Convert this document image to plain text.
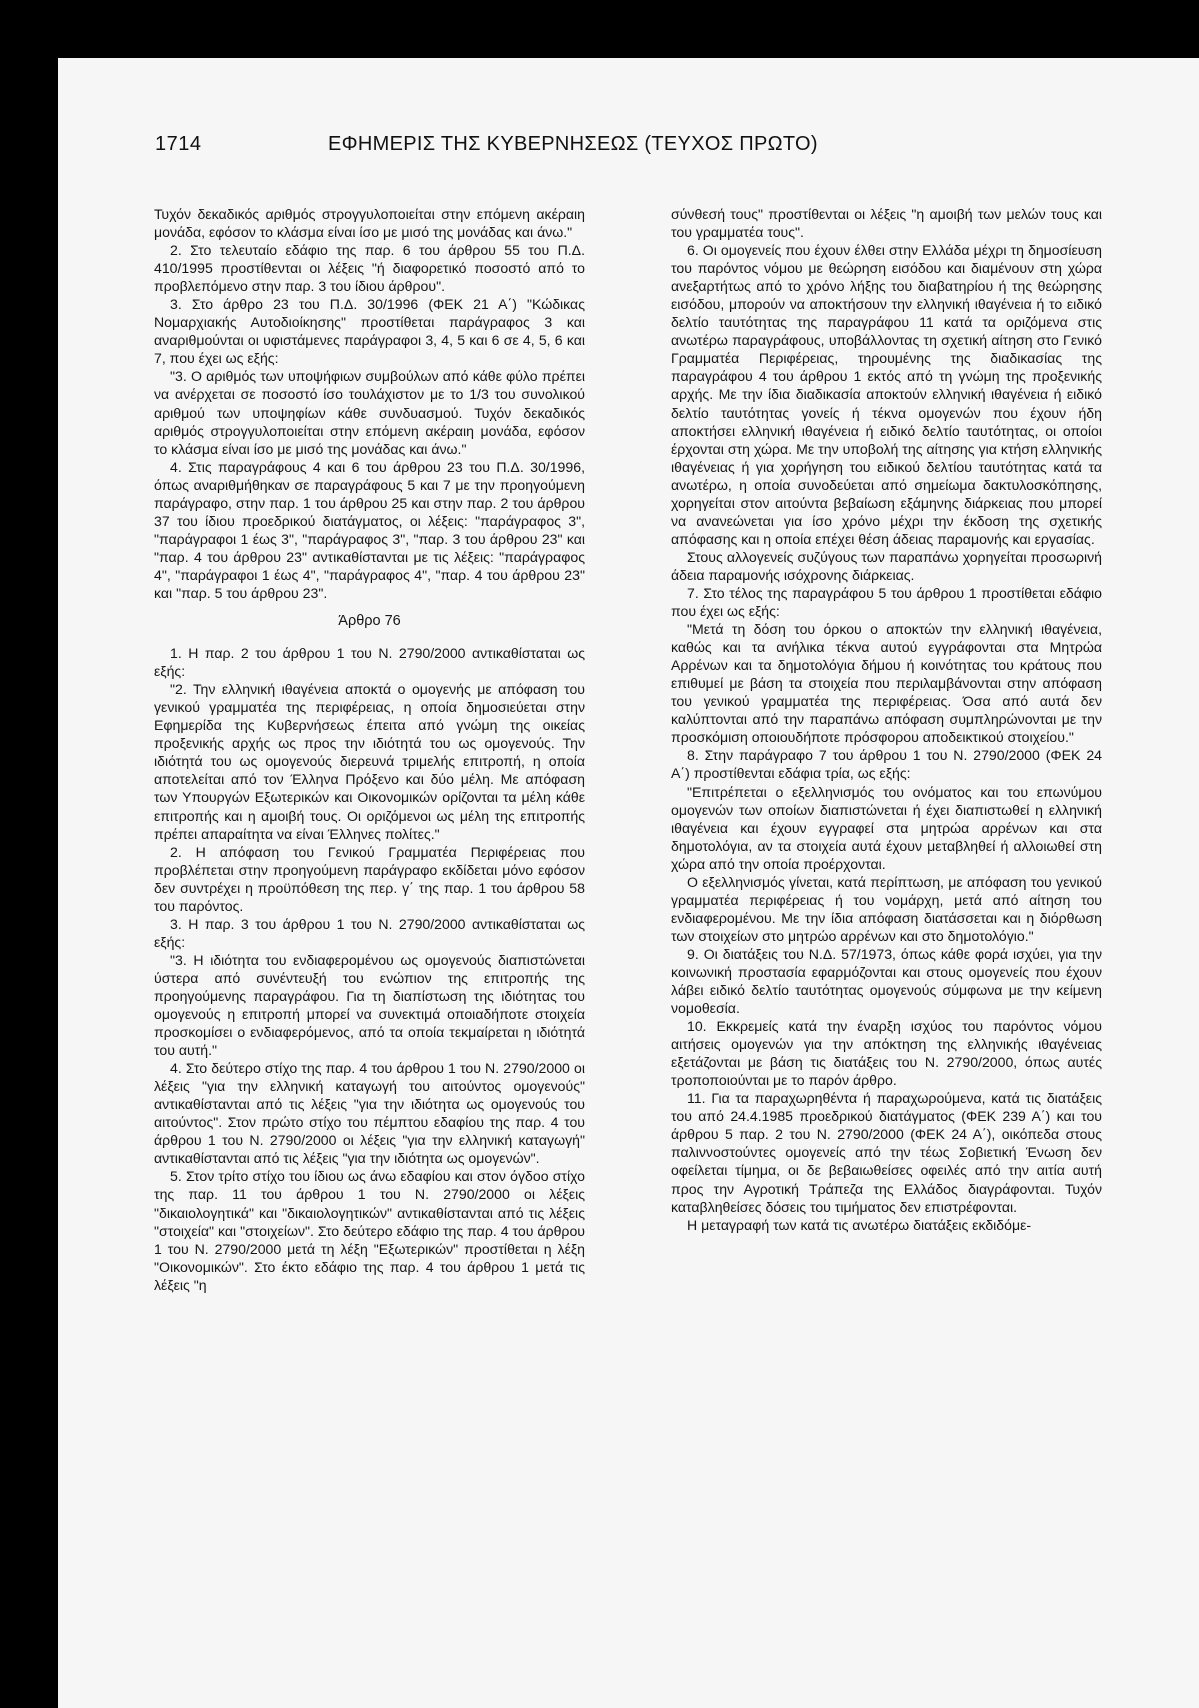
1714	ΕΦΗΜΕΡΙΣ ΤΗΣ ΚΥΒΕΡΝΗΣΕΩΣ (ΤΕΥΧΟΣ ΠΡΩΤΟ)

Τυχόν δεκαδικός αριθμός στρογγυλοποιείται στην επόμενη ακέραιη μονάδα, εφόσον το κλάσμα είναι ίσο με μισό της μονάδας και άνω."

2. Στο τελευταίο εδάφιο της παρ. 6 του άρθρου 55 του Π.Δ. 410/1995 προστίθενται οι λέξεις "ή διαφορετικό ποσοστό από το προβλεπόμενο στην παρ. 3 του ίδιου άρθρου".

3. Στο άρθρο 23 του Π.Δ. 30/1996 (ΦΕΚ 21 Α΄) "Κώδικας Νομαρχιακής Αυτοδιοίκησης" προστίθεται παράγραφος 3 και αναριθμούνται οι υφιστάμενες παράγραφοι 3, 4, 5 και 6 σε 4, 5, 6 και 7, που έχει ως εξής:

"3. Ο αριθμός των υποψήφιων συμβούλων από κάθε φύλο πρέπει να ανέρχεται σε ποσοστό ίσο τουλάχιστον με το 1/3 του συνολικού αριθμού των υποψηφίων κάθε συνδυασμού. Τυχόν δεκαδικός αριθμός στρογγυλοποιείται στην επόμενη ακέραιη μονάδα, εφόσον το κλάσμα είναι ίσο με μισό της μονάδας και άνω."

4. Στις παραγράφους 4 και 6 του άρθρου 23 του Π.Δ. 30/1996, όπως αναριθμήθηκαν σε παραγράφους 5 και 7 με την προηγούμενη παράγραφο, στην παρ. 1 του άρθρου 25 και στην παρ. 2 του άρθρου 37 του ίδιου προεδρικού διατάγματος, οι λέξεις: "παράγραφος 3", "παράγραφοι 1 έως 3", "παράγραφος 3", "παρ. 3 του άρθρου 23" και "παρ. 4 του άρθρου 23" αντικαθίστανται με τις λέξεις: "παράγραφος 4", "παράγραφοι 1 έως 4", "παράγραφος 4", "παρ. 4 του άρθρου 23" και "παρ. 5 του άρθρου 23".

Άρθρο 76

1. Η παρ. 2 του άρθρου 1 του Ν. 2790/2000 αντικαθίσταται ως εξής:

"2. Την ελληνική ιθαγένεια αποκτά ο ομογενής με απόφαση του γενικού γραμματέα της περιφέρειας, η οποία δημοσιεύεται στην Εφημερίδα της Κυβερνήσεως έπειτα από γνώμη της οικείας προξενικής αρχής ως προς την ιδιότητά του ως ομογενούς. Την ιδιότητά του ως ομογενούς διερευνά τριμελής επιτροπή, η οποία αποτελείται από τον Έλληνα Πρόξενο και δύο μέλη. Με απόφαση των Υπουργών Εξωτερικών και Οικονομικών ορίζονται τα μέλη κάθε επιτροπής και η αμοιβή τους. Οι οριζόμενοι ως μέλη της επιτροπής πρέπει απαραίτητα να είναι Έλληνες πολίτες."

2. Η απόφαση του Γενικού Γραμματέα Περιφέρειας που προβλέπεται στην προηγούμενη παράγραφο εκδίδεται μόνο εφόσον δεν συντρέχει η προϋπόθεση της περ. γ΄ της παρ. 1 του άρθρου 58 του παρόντος.

3. Η παρ. 3 του άρθρου 1 του Ν. 2790/2000 αντικαθίσταται ως εξής:

"3. Η ιδιότητα του ενδιαφερομένου ως ομογενούς διαπιστώνεται ύστερα από συνέντευξή του ενώπιον της επιτροπής της προηγούμενης παραγράφου. Για τη διαπίστωση της ιδιότητας του ομογενούς η επιτροπή μπορεί να συνεκτιμά οποιαδήποτε στοιχεία προσκομίσει ο ενδιαφερόμενος, από τα οποία τεκμαίρεται η ιδιότητά του αυτή."

4. Στο δεύτερο στίχο της παρ. 4 του άρθρου 1 του Ν. 2790/2000 οι λέξεις "για την ελληνική καταγωγή του αιτούντος ομογενούς" αντικαθίστανται από τις λέξεις "για την ιδιότητα ως ομογενούς του αιτούντος". Στον πρώτο στίχο του πέμπτου εδαφίου της παρ. 4 του άρθρου 1 του Ν. 2790/2000 οι λέξεις "για την ελληνική καταγωγή" αντικαθίστανται από τις λέξεις "για την ιδιότητα ως ομογενών".

5. Στον τρίτο στίχο του ίδιου ως άνω εδαφίου και στον όγδοο στίχο της παρ. 11 του άρθρου 1 του Ν. 2790/2000 οι λέξεις "δικαιολογητικά" και "δικαιολογητικών" αντικαθίστανται από τις λέξεις "στοιχεία" και "στοιχείων". Στο δεύτερο εδάφιο της παρ. 4 του άρθρου 1 του Ν. 2790/2000 μετά τη λέξη "Εξωτερικών" προστίθεται η λέξη "Οικονομικών". Στο έκτο εδάφιο της παρ. 4 του άρθρου 1 μετά τις λέξεις "η

σύνθεσή τους" προστίθενται οι λέξεις "η αμοιβή των μελών τους και του γραμματέα τους".

6. Οι ομογενείς που έχουν έλθει στην Ελλάδα μέχρι τη δημοσίευση του παρόντος νόμου με θεώρηση εισόδου και διαμένουν στη χώρα ανεξαρτήτως από το χρόνο λήξης του διαβατηρίου ή της θεώρησης εισόδου, μπορούν να αποκτήσουν την ελληνική ιθαγένεια ή το ειδικό δελτίο ταυτότητας της παραγράφου 11 κατά τα οριζόμενα στις ανωτέρω παραγράφους, υποβάλλοντας τη σχετική αίτηση στο Γενικό Γραμματέα Περιφέρειας, τηρουμένης της διαδικασίας της παραγράφου 4 του άρθρου 1 εκτός από τη γνώμη της προξενικής αρχής. Με την ίδια διαδικασία αποκτούν ελληνική ιθαγένεια ή ειδικό δελτίο ταυτότητας γονείς ή τέκνα ομογενών που έχουν ήδη αποκτήσει ελληνική ιθαγένεια ή ειδικό δελτίο ταυτότητας, οι οποίοι έρχονται στη χώρα. Με την υποβολή της αίτησης για κτήση ελληνικής ιθαγένειας ή για χορήγηση του ειδικού δελτίου ταυτότητας κατά τα ανωτέρω, η οποία συνοδεύεται από σημείωμα δακτυλοσκόπησης, χορηγείται στον αιτούντα βεβαίωση εξάμηνης διάρκειας που μπορεί να ανανεώνεται για ίσο χρόνο μέχρι την έκδοση της σχετικής απόφασης και η οποία επέχει θέση άδειας παραμονής και εργασίας.

Στους αλλογενείς συζύγους των παραπάνω χορηγείται προσωρινή άδεια παραμονής ισόχρονης διάρκειας.

7. Στο τέλος της παραγράφου 5 του άρθρου 1 προστίθεται εδάφιο που έχει ως εξής:

"Μετά τη δόση του όρκου ο αποκτών την ελληνική ιθαγένεια, καθώς και τα ανήλικα τέκνα αυτού εγγράφονται στα Μητρώα Αρρένων και τα δημοτολόγια δήμου ή κοινότητας του κράτους που επιθυμεί με βάση τα στοιχεία που περιλαμβάνονται στην απόφαση του γενικού γραμματέα της περιφέρειας. Όσα από αυτά δεν καλύπτονται από την παραπάνω απόφαση συμπληρώνονται με την προσκόμιση οποιουδήποτε πρόσφορου αποδεικτικού στοιχείου."

8. Στην παράγραφο 7 του άρθρου 1 του Ν. 2790/2000 (ΦΕΚ 24 Α΄) προστίθενται εδάφια τρία, ως εξής:

"Επιτρέπεται ο εξελληνισμός του ονόματος και του επωνύμου ομογενών των οποίων διαπιστώνεται ή έχει διαπιστωθεί η ελληνική ιθαγένεια και έχουν εγγραφεί στα μητρώα αρρένων και στα δημοτολόγια, αν τα στοιχεία αυτά έχουν μεταβληθεί ή αλλοιωθεί στη χώρα από την οποία προέρχονται.

Ο εξελληνισμός γίνεται, κατά περίπτωση, με απόφαση του γενικού γραμματέα περιφέρειας ή του νομάρχη, μετά από αίτηση του ενδιαφερομένου. Με την ίδια απόφαση διατάσσεται και η διόρθωση των στοιχείων στο μητρώο αρρένων και στο δημοτολόγιο."

9. Οι διατάξεις του Ν.Δ. 57/1973, όπως κάθε φορά ισχύει, για την κοινωνική προστασία εφαρμόζονται και στους ομογενείς που έχουν λάβει ειδικό δελτίο ταυτότητας ομογενούς σύμφωνα με την κείμενη νομοθεσία.

10. Εκκρεμείς κατά την έναρξη ισχύος του παρόντος νόμου αιτήσεις ομογενών για την απόκτηση της ελληνικής ιθαγένειας εξετάζονται με βάση τις διατάξεις του Ν. 2790/2000, όπως αυτές τροποποιούνται με το παρόν άρθρο.

11. Για τα παραχωρηθέντα ή παραχωρούμενα, κατά τις διατάξεις του από 24.4.1985 προεδρικού διατάγματος (ΦΕΚ 239 Α΄) και του άρθρου 5 παρ. 2 του Ν. 2790/2000 (ΦΕΚ 24 Α΄), οικόπεδα στους παλιννοστούντες ομογενείς από την τέως Σοβιετική Ένωση δεν οφείλεται τίμημα, οι δε βεβαιωθείσες οφειλές από την αιτία αυτή προς την Αγροτική Τράπεζα της Ελλάδος διαγράφονται. Τυχόν καταβληθείσες δόσεις του τιμήματος δεν επιστρέφονται.

Η μεταγραφή των κατά τις ανωτέρω διατάξεις εκδιδόμε-
